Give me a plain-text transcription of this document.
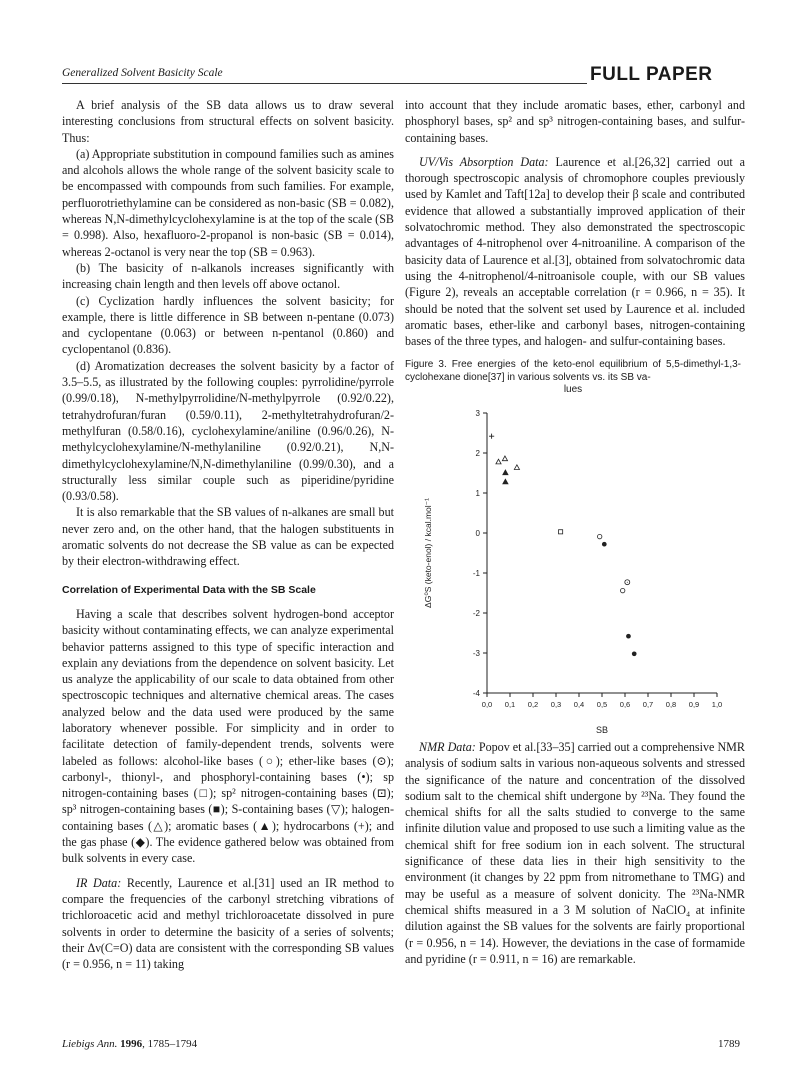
Generalized Solvent Basicity Scale	FULL PAPER

A brief analysis of the SB data allows us to draw several interesting conclusions from structural effects on solvent basicity. Thus:

(a) Appropriate substitution in compound families such as amines and alcohols allows the whole range of the solvent basicity scale to be encompassed with compounds from such families. For example, perfluorotriethylamine can be considered as non-basic (SB = 0.082), whereas N,N-dimethylcyclohexylamine is at the top of the scale (SB = 0.998). Also, hexafluoro-2-propanol is non-basic (SB = 0.014), whereas 2-octanol is very near the top (SB = 0.963).

(b) The basicity of n-alkanols increases significantly with increasing chain length and then levels off above octanol.

(c) Cyclization hardly influences the solvent basicity; for example, there is little difference in SB between n-pentane (0.073) and cyclopentane (0.063) or between n-pentanol (0.860) and cyclopentanol (0.836).

(d) Aromatization decreases the solvent basicity by a factor of 3.5–5.5, as illustrated by the following couples: pyrrolidine/pyrrole (0.99/0.18), N-methylpyrrolidine/N-methylpyrrole (0.92/0.22), tetrahydrofuran/furan (0.59/0.11), 2-methyltetrahydrofuran/2-methylfuran (0.58/0.16), cyclohexylamine/aniline (0.96/0.26), N-methylcyclohexylamine/N-methylaniline (0.92/0.21), N,N-dimethylcyclohexylamine/N,N-dimethylaniline (0.99/0.30), and a structurally less similar couple such as piperidine/pyridine (0.93/0.58).

It is also remarkable that the SB values of n-alkanes are small but never zero and, on the other hand, that the halogen substituents in aromatic solvents do not decrease the SB value as can be expected by their electron-withdrawing effect.

Correlation of Experimental Data with the SB Scale

Having a scale that describes solvent hydrogen-bond acceptor basicity without contaminating effects, we can analyze experimental behavior patterns assigned to this type of specific interaction and explain any deviations from the dependence on solvent basicity. Let us analyze the applicability of our scale to data obtained from other spectroscopic techniques and alternative chemical areas. The cases analyzed below and the data used were produced by the same laboratory whenever possible. For simplicity and in order to facilitate detection of family-dependent trends, solvents were labeled as follows: alcohol-like bases (○); ether-like bases (⊙); carbonyl-, thionyl-, and phosphoryl-containing bases (•); sp nitrogen-containing bases (□); sp² nitrogen-containing bases (⊡); sp³ nitrogen-containing bases (■); S-containing bases (▽); halogen-containing bases (△); aromatic bases (▲); hydrocarbons (+); and the gas phase (◆). The evidence gathered below was obtained from bulk solvents in every case.

IR Data: Recently, Laurence et al.[31] used an IR method to compare the frequencies of the carbonyl stretching vibrations of trichloroacetic acid and methyl trichloroacetate dissolved in pure solvents in order to determine the basicity of a series of solvents; their Δν(C=O) data are consistent with the corresponding SB values (r = 0.956, n = 11) taking

into account that they include aromatic bases, ether, carbonyl and phosphoryl bases, sp² and sp³ nitrogen-containing bases, and sulfur-containing bases.

UV/Vis Absorption Data: Laurence et al.[26,32] carried out a thorough spectroscopic analysis of chromophore couples previously used by Kamlet and Taft[12a] to develop their β scale and contributed evidence that allowed a substantially improved application of their solvatochromic method. They also demonstrated the spectroscopic advantages of 4-nitrophenol over 4-nitroaniline. A comparison of the basicity data of Laurence et al.[3], obtained from solvatochromic data using the 4-nitrophenol/4-nitroanisole couple, with our SB values (Figure 2), reveals an acceptable correlation (r = 0.966, n = 35). It should be noted that the solvent set used by Laurence et al. included aromatic bases, ether-like and carbonyl bases, nitrogen-containing bases of the three types, and halogen- and sulfur-containing bases.

Figure 3. Free energies of the keto-enol equilibrium of 5,5-dimethyl-1,3-cyclohexane dione[37] in various solvents vs. its SB va-
lues
-4
-3
-2
-1
0
1
2
3
0,0 0,1 0,2 0,3 0,4 0,5 0,6 0,7 0,8 0,9 1,0
SB
ΔG⁰S (keto-enol) / kcal.mol⁻¹

NMR Data: Popov et al.[33–35] carried out a comprehensive NMR analysis of sodium salts in various non-aqueous solvents and stressed the significance of the nature and concentration of the dissolved sodium salt to the chemical shift undergone by ²³Na. They found the chemical shifts for all the salts studied to converge to the same infinite dilution value and proposed to use such a limiting value as the chemical shift for free sodium ion in each solvent. The structural significance of these data lies in their high sensitivity to the environment (it changes by 22 ppm from nitromethane to TMG) and may be useful as a measure of solvent donicity. The ²³Na-NMR chemical shifts measured in a 3 M solution of NaClO₄ at infinite dilution against the SB values for the solvents are fairly proportional (r = 0.956, n = 14). However, the deviations in the case of formamide and pyridine (r = 0.911, n = 16) are remarkable.

Liebigs Ann. 1996, 1785–1794	1789
